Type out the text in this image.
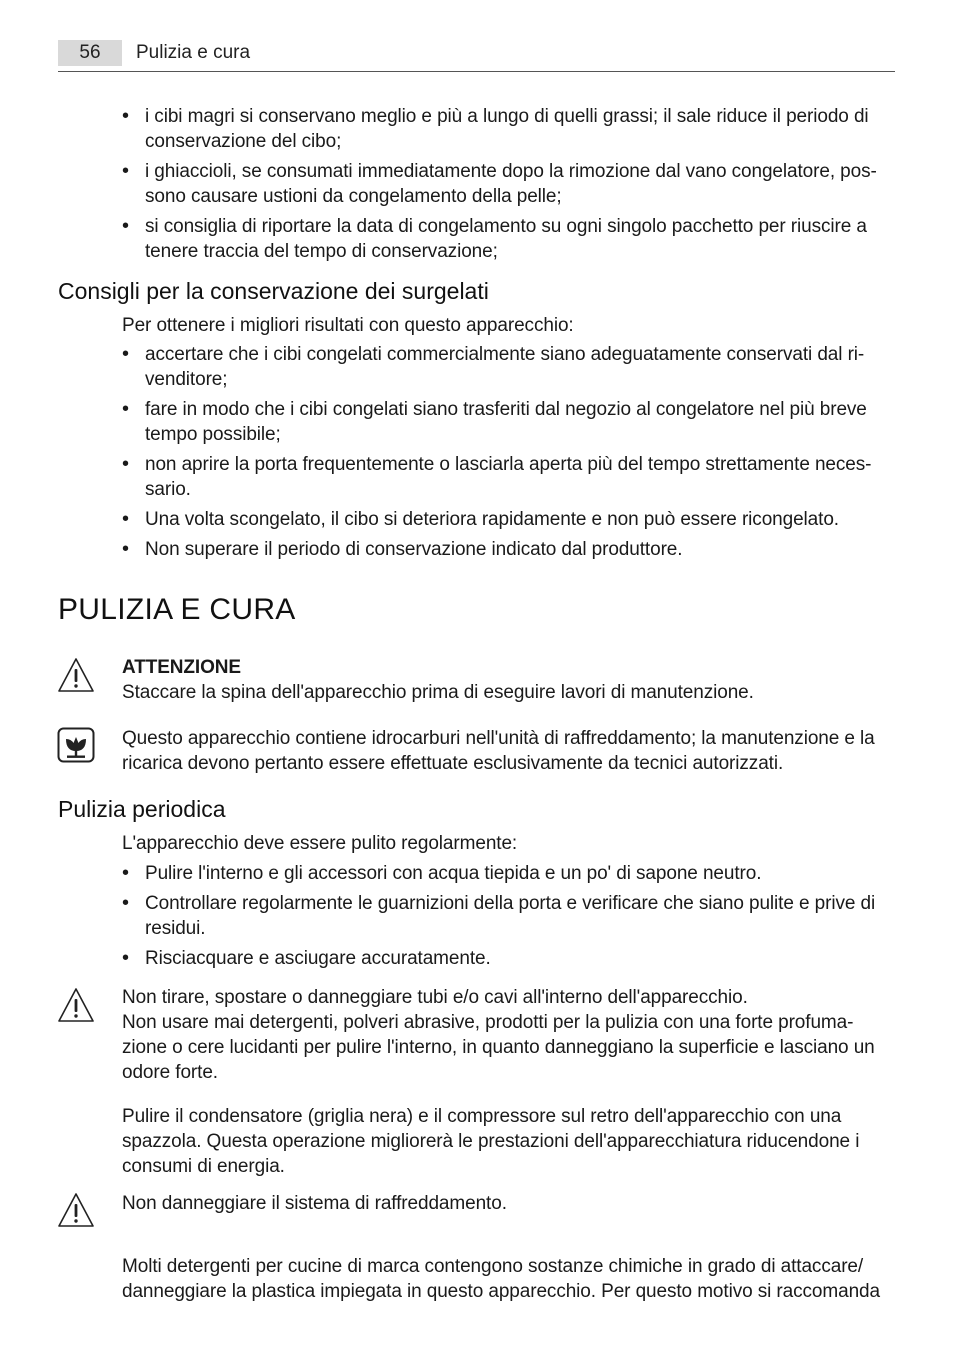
56	Pulizia e cura
• i cibi magri si conservano meglio e più a lungo di quelli grassi; il sale riduce il periodo di conservazione del cibo;
• i ghiaccioli, se consumati immediatamente dopo la rimozione dal vano congelatore, pos-sono causare ustioni da congelamento della pelle;
• si consiglia di riportare la data di congelamento su ogni singolo pacchetto per riuscire a tenere traccia del tempo di conservazione;
Consigli per la conservazione dei surgelati

Per ottenere i migliori risultati con questo apparecchio:

• accertare che i cibi congelati commercialmente siano adeguatamente conservati dal ri-venditore;
• fare in modo che i cibi congelati siano trasferiti dal negozio al congelatore nel più breve tempo possibile;
• non aprire la porta frequentemente o lasciarla aperta più del tempo strettamente neces-sario.
• Una volta scongelato, il cibo si deteriora rapidamente e non può essere ricongelato.
• Non superare il periodo di conservazione indicato dal produttore.
PULIZIA E CURA

ATTENZIONE

Staccare la spina dell'apparecchio prima di eseguire lavori di manutenzione.

Questo apparecchio contiene idrocarburi nell'unità di raffreddamento; la manutenzione e la ricarica devono pertanto essere effettuate esclusivamente da tecnici autorizzati.

Pulizia periodica

L'apparecchio deve essere pulito regolarmente:

• Pulire l'interno e gli accessori con acqua tiepida e un po' di sapone neutro.
• Controllare regolarmente le guarnizioni della porta e verificare che siano pulite e prive di residui.
• Risciacquare e asciugare accuratamente.

Non tirare, spostare o danneggiare tubi e/o cavi all'interno dell'apparecchio.

Non usare mai detergenti, polveri abrasive, prodotti per la pulizia con una forte profuma-zione o cere lucidanti per pulire l'interno, in quanto danneggiano la superficie e lasciano un odore forte.

Pulire il condensatore (griglia nera) e il compressore sul retro dell'apparecchio con una spazzola. Questa operazione migliorerà le prestazioni dell'apparecchiatura riducendone i consumi di energia.

Non danneggiare il sistema di raffreddamento.

Molti detergenti per cucine di marca contengono sostanze chimiche in grado di attaccare/ danneggiare la plastica impiegata in questo apparecchio. Per questo motivo si raccomanda
